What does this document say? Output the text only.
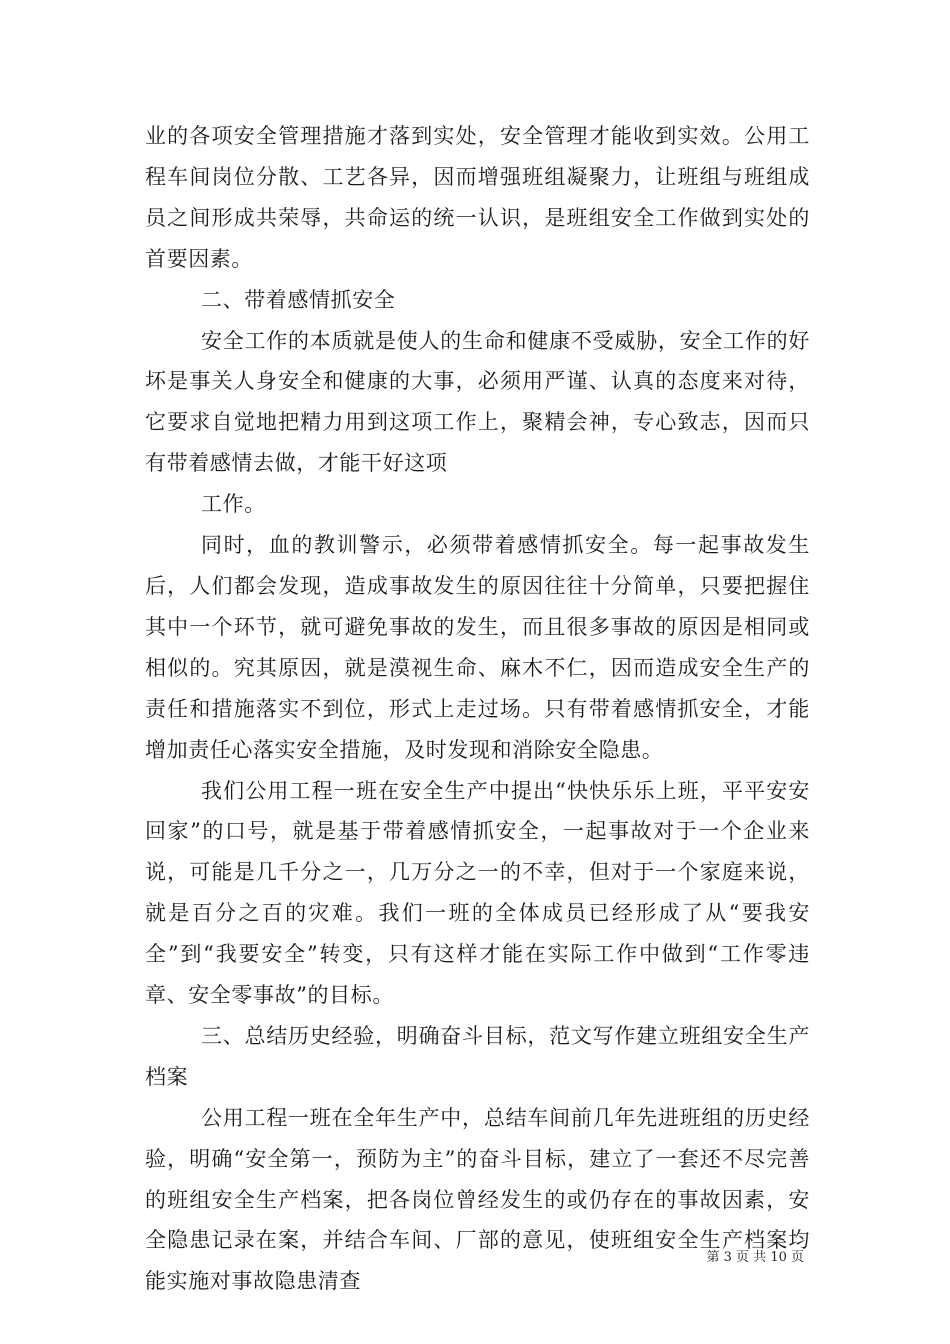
业的各项安全管理措施才落到实处，安全管理才能收到实效。公用工程车间岗位分散、工艺各异，因而增强班组凝聚力，让班组与班组成员之间形成共荣辱，共命运的统一认识，是班组安全工作做到实处的首要因素。

二、带着感情抓安全

安全工作的本质就是使人的生命和健康不受威胁，安全工作的好坏是事关人身安全和健康的大事，必须用严谨、认真的态度来对待，它要求自觉地把精力用到这项工作上，聚精会神，专心致志，因而只有带着感情去做，才能干好这项

工作。

同时，血的教训警示，必须带着感情抓安全。每一起事故发生后，人们都会发现，造成事故发生的原因往往十分简单，只要把握住其中一个环节，就可避免事故的发生，而且很多事故的原因是相同或相似的。究其原因，就是漠视生命、麻木不仁，因而造成安全生产的责任和措施落实不到位，形式上走过场。只有带着感情抓安全，才能增加责任心落实安全措施，及时发现和消除安全隐患。

我们公用工程一班在安全生产中提出“快快乐乐上班，平平安安回家”的口号，就是基于带着感情抓安全，一起事故对于一个企业来说，可能是几千分之一，几万分之一的不幸，但对于一个家庭来说，就是百分之百的灾难。我们一班的全体成员已经形成了从“要我安全”到“我要安全”转变，只有这样才能在实际工作中做到“工作零违章、安全零事故”的目标。

三、总结历史经验，明确奋斗目标，范文写作建立班组安全生产档案

公用工程一班在全年生产中，总结车间前几年先进班组的历史经验，明确“安全第一，预防为主”的奋斗目标，建立了一套还不尽完善的班组安全生产档案，把各岗位曾经发生的或仍存在的事故因素，安全隐患记录在案，并结合车间、厂部的意见，使班组安全生产档案均能实施对事故隐患清查

第 3 页 共 10 页
